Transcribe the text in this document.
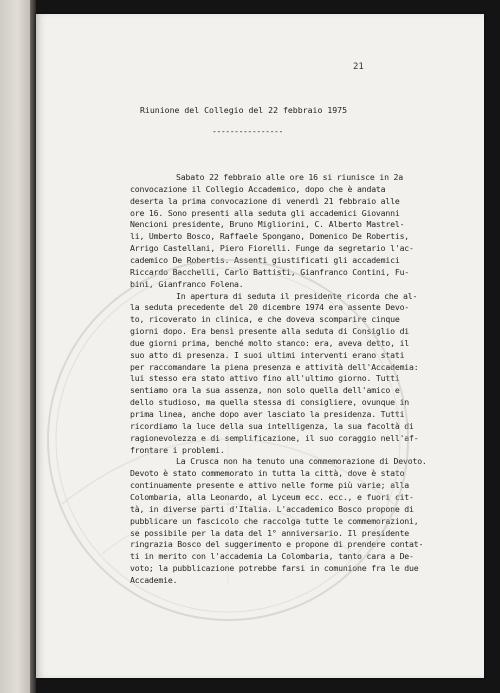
21
Riunione del Collegio del 22 febbraio 1975
----------------
Sabato 22 febbraio alle ore 16 si riunisce in 2a
convocazione il Collegio Accademico, dopo che è andata
deserta la prima convocazione di venerdì 21 febbraio alle
ore 16. Sono presenti alla seduta gli accademici Giovanni
Nencioni presidente, Bruno Migliorini, C. Alberto Mastrel-
li, Umberto Bosco, Raffaele Spongano, Domenico De Robertis,
Arrigo Castellani, Piero Fiorelli. Funge da segretario l'ac-
cademico De Robertis. Assenti giustificati gli accademici
Riccardo Bacchelli, Carlo Battisti, Gianfranco Contini, Fu-
bini, Gianfranco Folena.
In apertura di seduta il presidente ricorda che al-
la seduta precedente del 20 dicembre 1974 era assente Devo-
to, ricoverato in clinica, e che doveva scomparire cinque
giorni dopo. Era bensì presente alla seduta di Consiglio di
due giorni prima, benché molto stanco: era, aveva detto, il
suo atto di presenza. I suoi ultimi interventi erano stati
per raccomandare la piena presenza e attività dell'Accademia:
lui stesso era stato attivo fino all'ultimo giorno. Tutti
sentiamo ora la sua assenza, non solo quella dell'amico e
dello studioso, ma quella stessa di consigliere, ovunque in
prima linea, anche dopo aver lasciato la presidenza. Tutti
ricordiamo la luce della sua intelligenza, la sua facoltà di
ragionevolezza e di semplificazione, il suo coraggio nell'af-
frontare i problemi.
La Crusca non ha tenuto una commemorazione di Devoto.
Devoto è stato commemorato in tutta la città, dove è stato
continuamente presente e attivo nelle forme più varie; alla
Colombaria, alla Leonardo, al Lyceum ecc. ecc., e fuori cit-
tà, in diverse parti d'Italia. L'accademico Bosco propone di
pubblicare un fascicolo che raccolga tutte le commemorazioni,
se possibile per la data del 1° anniversario. Il presidente
ringrazia Bosco del suggerimento e propone di prendere contat-
ti in merito con l'accademia La Colombaria, tanto cara a De-
voto; la pubblicazione potrebbe farsi in comunione fra le due
Accademie.
